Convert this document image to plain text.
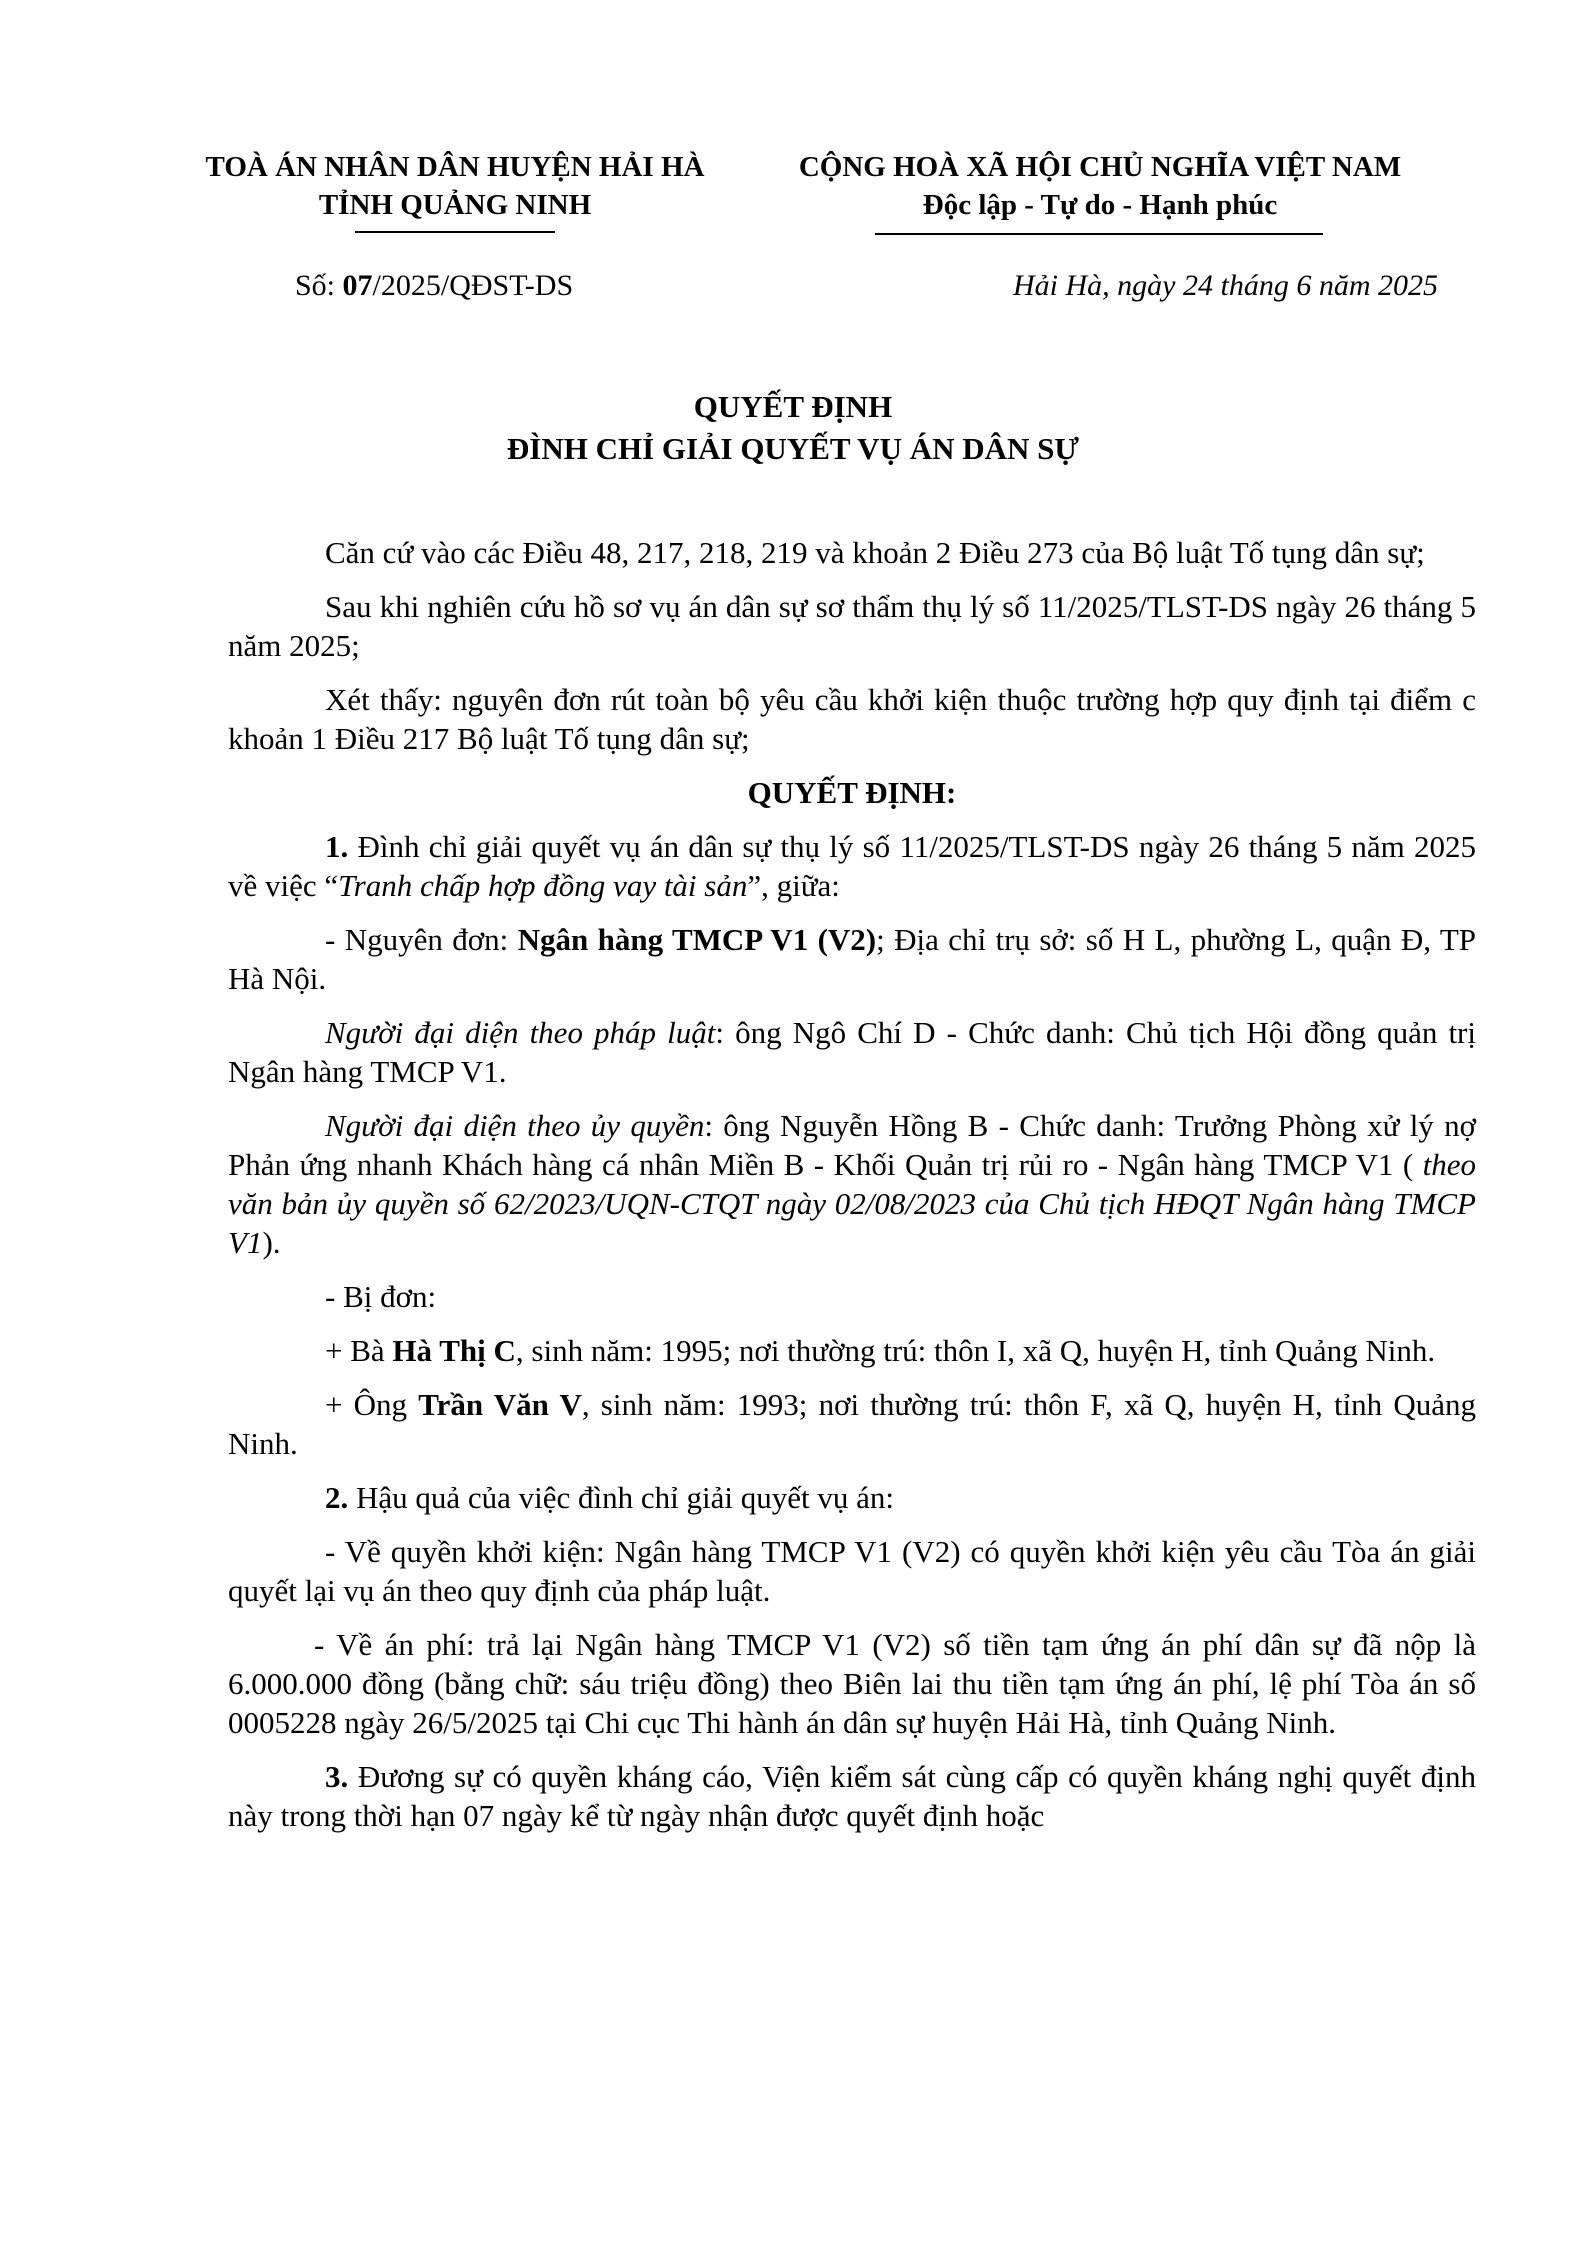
TOÀ ÁN NHÂN DÂN HUYỆN HẢI HÀ
TỈNH QUẢNG NINH
CỘNG HOÀ XÃ HỘI CHỦ NGHĨA VIỆT NAM
Độc lập - Tự do - Hạnh phúc
Số: 07/2025/QĐST-DS	Hải Hà, ngày 24 tháng 6 năm 2025
QUYẾT ĐỊNH
ĐÌNH CHỈ GIẢI QUYẾT VỤ ÁN DÂN SỰ

Căn cứ vào các Điều 48, 217, 218, 219 và khoản 2 Điều 273 của Bộ luật Tố tụng dân sự;

Sau khi nghiên cứu hồ sơ vụ án dân sự sơ thẩm thụ lý số 11/2025/TLST-DS ngày 26 tháng 5 năm 2025;

Xét thấy: nguyên đơn rút toàn bộ yêu cầu khởi kiện thuộc trường hợp quy định tại điểm c khoản 1 Điều 217 Bộ luật Tố tụng dân sự;

QUYẾT ĐỊNH:

1. Đình chỉ giải quyết vụ án dân sự thụ lý số 11/2025/TLST-DS ngày 26 tháng 5 năm 2025 về việc “Tranh chấp hợp đồng vay tài sản”, giữa:

- Nguyên đơn: Ngân hàng TMCP V1 (V2); Địa chỉ trụ sở: số H L, phường L, quận Đ, TP Hà Nội.

Người đại diện theo pháp luật: ông Ngô Chí D - Chức danh: Chủ tịch Hội đồng quản trị Ngân hàng TMCP V1.

Người đại diện theo ủy quyền: ông Nguyễn Hồng B - Chức danh: Trưởng Phòng xử lý nợ Phản ứng nhanh Khách hàng cá nhân Miền B - Khối Quản trị rủi ro - Ngân hàng TMCP V1 ( theo văn bản ủy quyền số 62/2023/UQN-CTQT ngày 02/08/2023 của Chủ tịch HĐQT Ngân hàng TMCP V1).

- Bị đơn:

+ Bà Hà Thị C, sinh năm: 1995; nơi thường trú: thôn I, xã Q, huyện H, tỉnh Quảng Ninh.

+ Ông Trần Văn V, sinh năm: 1993; nơi thường trú: thôn F, xã Q, huyện H, tỉnh Quảng Ninh.

2. Hậu quả của việc đình chỉ giải quyết vụ án:

- Về quyền khởi kiện: Ngân hàng TMCP V1 (V2) có quyền khởi kiện yêu cầu Tòa án giải quyết lại vụ án theo quy định của pháp luật.

- Về án phí: trả lại Ngân hàng TMCP V1 (V2) số tiền tạm ứng án phí dân sự đã nộp là 6.000.000 đồng (bằng chữ: sáu triệu đồng) theo Biên lai thu tiền tạm ứng án phí, lệ phí Tòa án số 0005228 ngày 26/5/2025 tại Chi cục Thi hành án dân sự huyện Hải Hà, tỉnh Quảng Ninh.

3. Đương sự có quyền kháng cáo, Viện kiểm sát cùng cấp có quyền kháng nghị quyết định này trong thời hạn 07 ngày kể từ ngày nhận được quyết định hoặc
